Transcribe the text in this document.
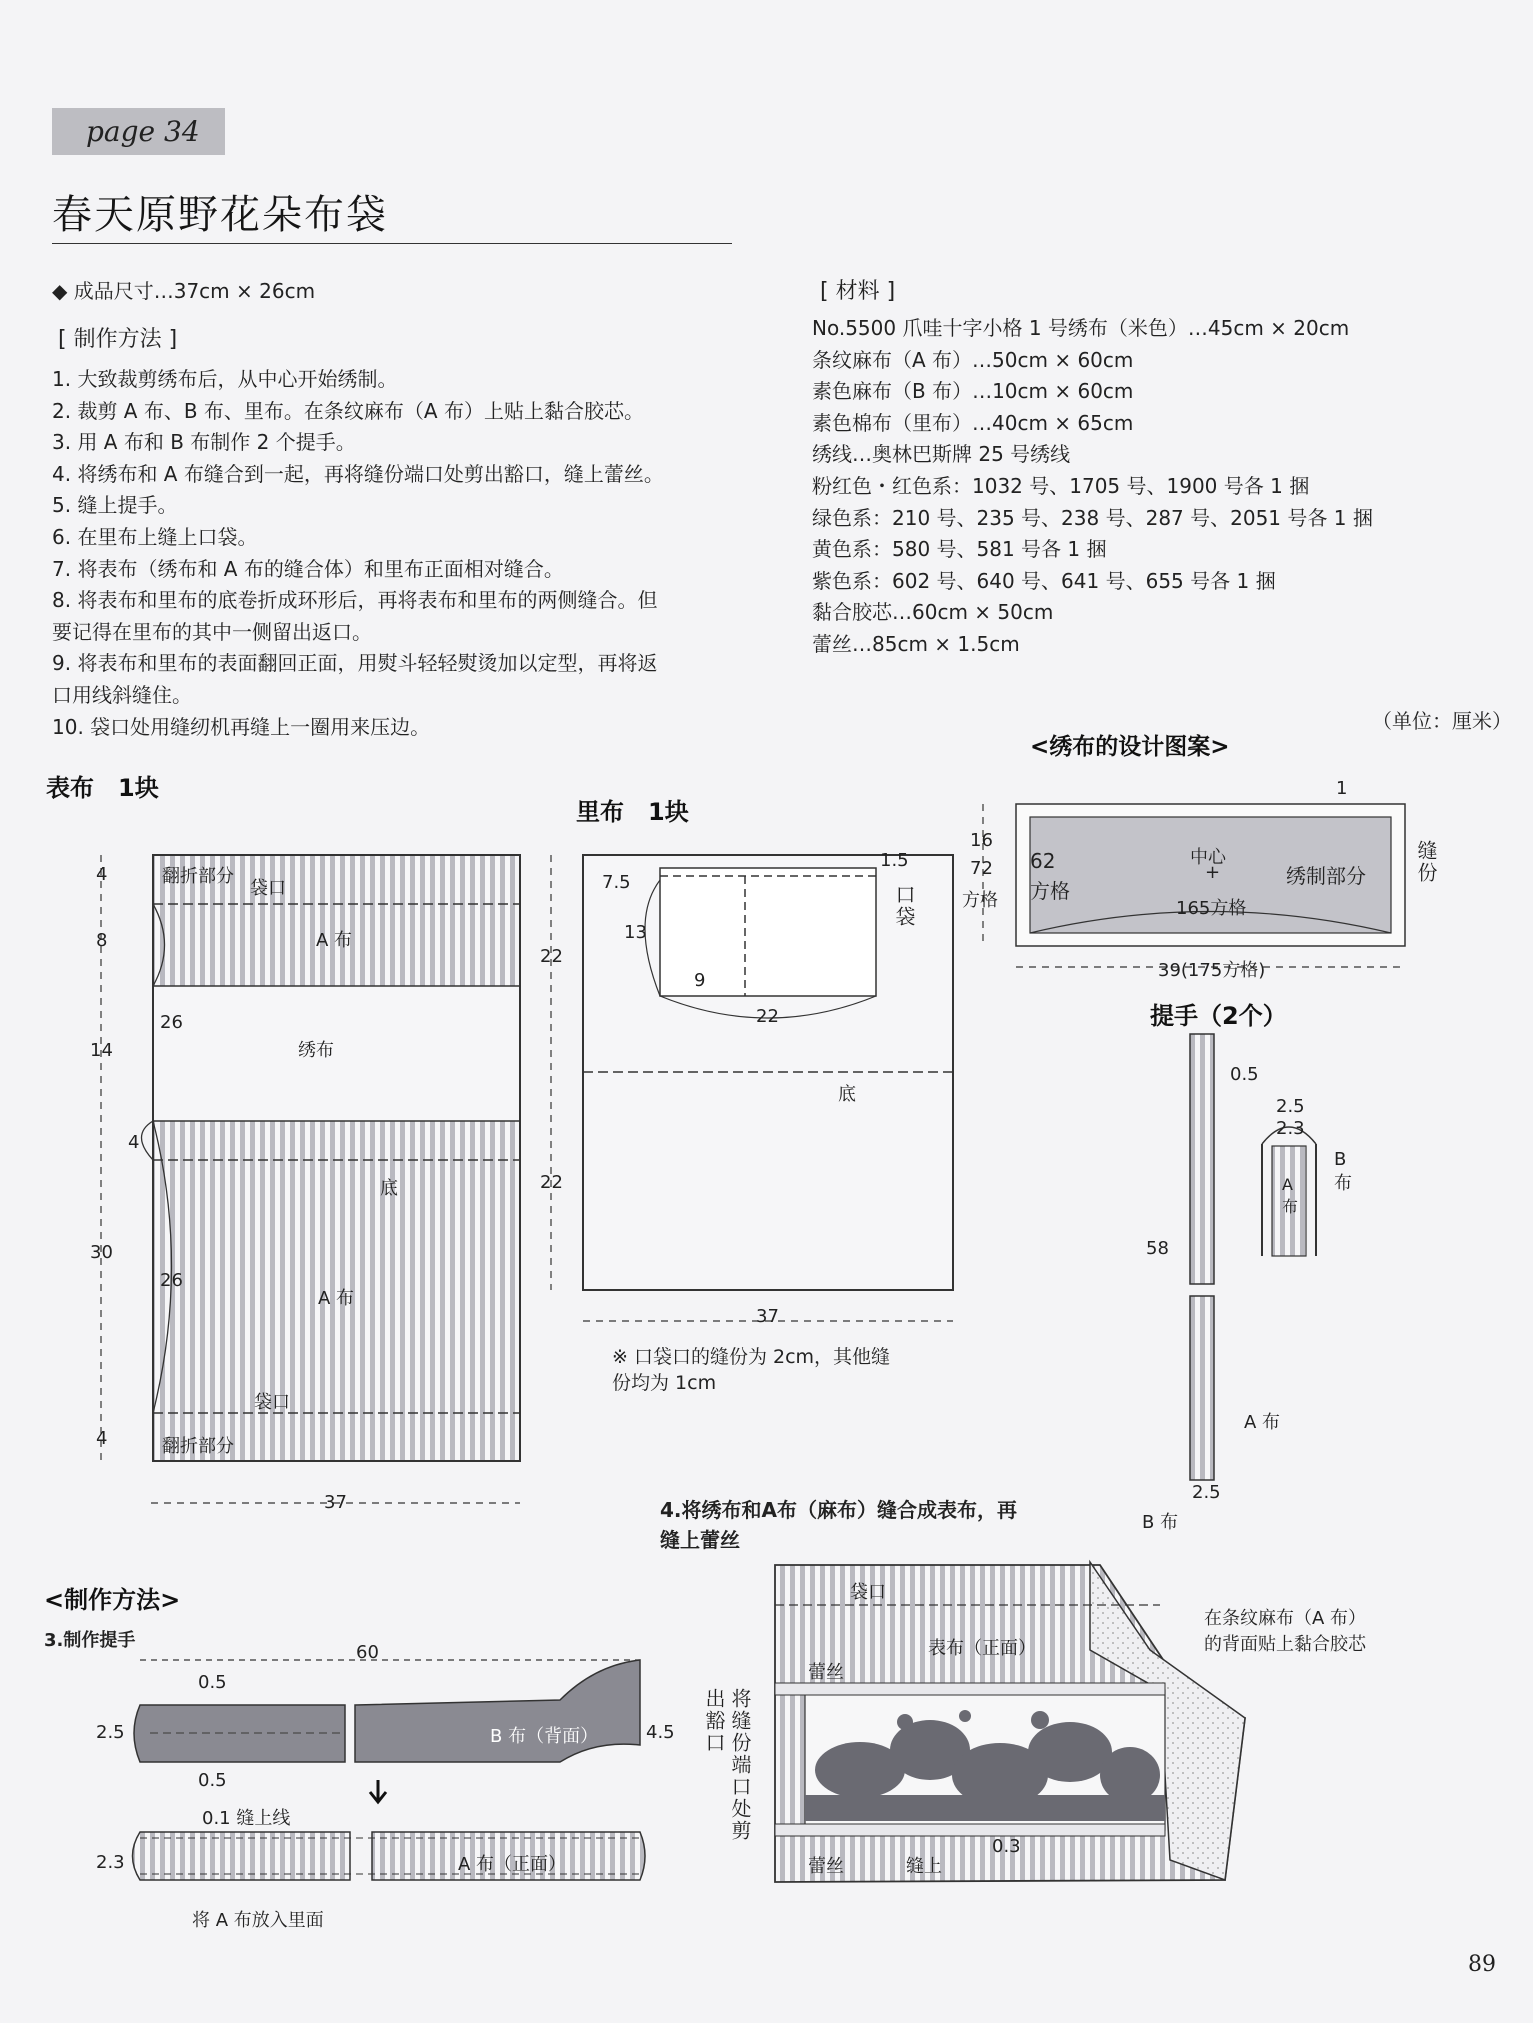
page 34
春天原野花朵布袋
◆ 成品尺寸…37cm × 26cm
[ 制作方法 ]
1. 大致裁剪绣布后，从中心开始绣制。
2. 裁剪 A 布、B 布、里布。在条纹麻布（A 布）上贴上黏合胶芯。
3. 用 A 布和 B 布制作 2 个提手。
4. 将绣布和 A 布缝合到一起，再将缝份端口处剪出豁口，缝上蕾丝。
5. 缝上提手。
6. 在里布上缝上口袋。
7. 将表布（绣布和 A 布的缝合体）和里布正面相对缝合。
8. 将表布和里布的底卷折成环形后，再将表布和里布的两侧缝合。但
要记得在里布的其中一侧留出返口。
9. 将表布和里布的表面翻回正面，用熨斗轻轻熨烫加以定型，再将返
口用线斜缝住。
10. 袋口处用缝纫机再缝上一圈用来压边。
[ 材料 ]
No.5500 爪哇十字小格 1 号绣布（米色）…45cm × 20cm
条纹麻布（A 布）…50cm × 60cm
素色麻布（B 布）…10cm × 60cm
素色棉布（里布）…40cm × 65cm
绣线…奥林巴斯牌 25 号绣线
粉红色・红色系：1032 号、1705 号、1900 号各 1 捆
绿色系：210 号、235 号、238 号、287 号、2051 号各 1 捆
黄色系：580 号、581 号各 1 捆
紫色系：602 号、640 号、641 号、655 号各 1 捆
黏合胶芯…60cm × 50cm
蕾丝…85cm × 1.5cm
（单位：厘米）
表布　1块
翻折部分
袋口
A 布
绣布
底
A 布
袋口
翻折部分
4
8
14
4
30
26
26
4
37
里布　1块
1.5
7.5
13
9
22
口袋
底
22
22
37
※ 口袋口的缝份为 2cm，其他缝
份均为 1cm
<绣布的设计图案>
1
中心
+	绣制部分
165方格
62
方格
缝份
16
72
方格
39(175方格)
提手（2个）
0.5
2.5
2.3
B
布
A
布
58
A 布
2.5
B 布
<制作方法>
3.制作提手
60
0.5
2.5
0.5
B 布（背面）	4.5
0.1 缝上线
2.3	A 布（正面）
将 A 布放入里面
4.将绣布和A布（麻布）缝合成表布，再
缝上蕾丝
袋口
表布（正面）
蕾丝
蕾丝	缝上
0.3
将缝份端口处剪
出豁口
在条纹麻布（A 布）
的背面贴上黏合胶芯
89
